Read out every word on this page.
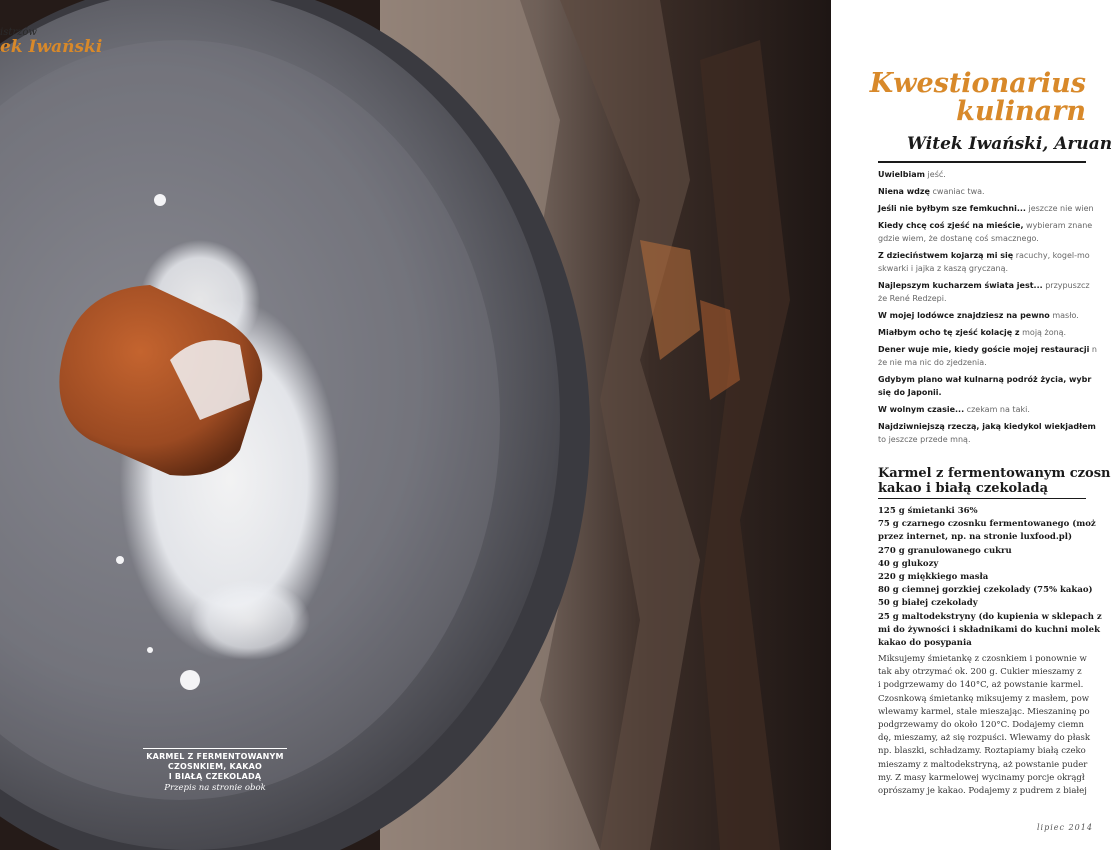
istrzów
ek Iwański
KARMEL Z FERMENTOWANYM
CZOSNKIEM, KAKAO
I BIAŁĄ CZEKOLADĄ
Przepis na stronie obok
Kwestionarius
kulinarn
Witek Iwański, Aruan
Uwielbiam jeść.
Niena wdzę cwaniac twa.
Jeśli nie byłbym sze femkuchni... jeszcze nie wien
Kiedy chcę coś zjeść na mieście, wybieram znane
gdzie wiem, że dostanę coś smacznego.
Z dzieciństwem kojarzą mi się racuchy, kogel-mo
skwarki i jajka z kaszą gryczaną.
Najlepszym kucharzem świata jest... przypuszcz
że René Redzepi.
W mojej lodówce znajdziesz na pewno masło.
Miałbym ocho tę zjeść kolację z moją żoną.
Dener wuje mie, kiedy goście mojej restauracji n
że nie ma nic do zjedzenia.
Gdybym plano wał kulnarną podróż życia, wybr
się do Japonii.
W wolnym czasie... czekam na taki.
Najdziwniejszą rzeczą, jaką kiedykol wiekjadłem
to jeszcze przede mną.
Karmel z fermentowanym czosn
kakao i białą czekoladą
125 g śmietanki 36%
75 g czarnego czosnku fermentowanego (moż
przez internet, np. na stronie luxfood.pl)
270 g granulowanego cukru
40 g glukozy
220 g miękkiego masła
80 g ciemnej gorzkiej czekolady (75% kakao)
50 g białej czekolady
25 g maltodekstryny (do kupienia w sklepach z
mi do żywności i składnikami do kuchni molek
kakao do posypania
Miksujemy śmietankę z czosnkiem i ponownie w
tak aby otrzymać ok. 200 g. Cukier mieszamy z
i podgrzewamy do 140°C, aż powstanie karmel.
Czosnkową śmietankę miksujemy z masłem, pow
wlewamy karmel, stale mieszając. Mieszaninę po
podgrzewamy do około 120°C. Dodajemy ciemn
dę, mieszamy, aż się rozpuści. Wlewamy do płask
np. blaszki, schładzamy. Roztapiamy białą czeko
mieszamy z maltodekstryną, aż powstanie puder
my. Z masy karmelowej wycinamy porcje okrągł
oprószamy je kakao. Podajemy z pudrem z białej
lipiec 2014
